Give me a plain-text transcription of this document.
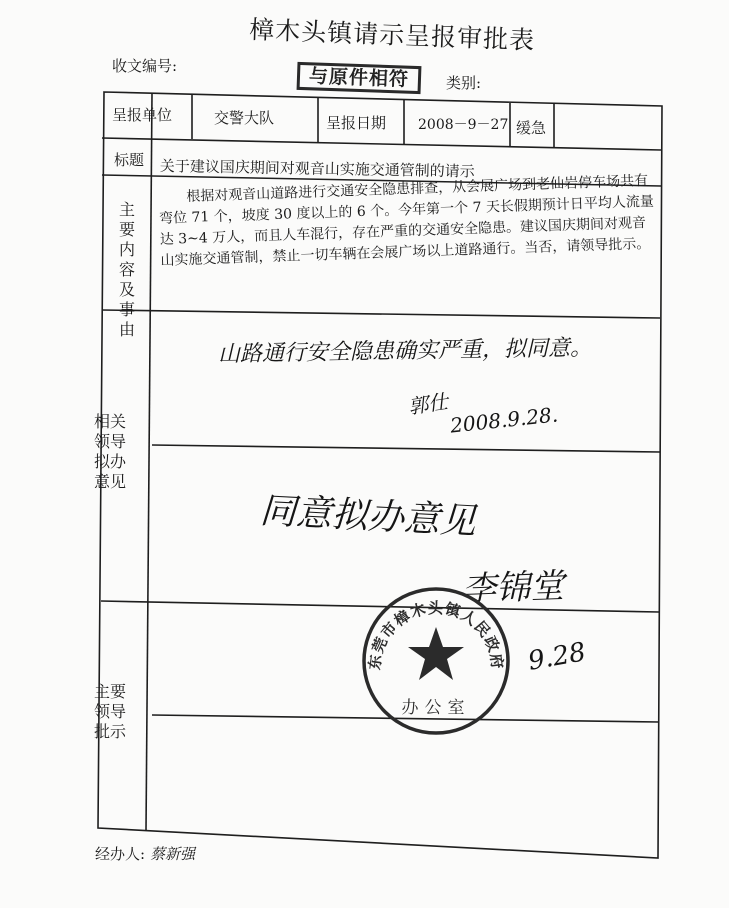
樟木头镇请示呈报审批表
收文编号:	与原件相符	类别:
呈报单位	交警大队	呈报日期 2008－9－27 缓急
标题 关于建议国庆期间对观音山实施交通管制的请示
主要内容及事由
根据对观音山道路进行交通安全隐患排查，从会展广场到老仙岩停车场共有弯位 71 个，坡度 30 度以上的 6 个。今年第一个 7 天长假期预计日平均人流量达 3~4 万人，而且人车混行，存在严重的交通安全隐患。建议国庆期间对观音山实施交通管制，禁止一切车辆在会展广场以上道路通行。当否，请领导批示。
相关领导拟办意见
山路通行安全隐患确实严重，拟同意。
郭仕 2008.9.28.
同意拟办意见
李锦堂
9.28
东莞市樟木头镇人民政府
办公室
主要领导批示
经办人: 蔡新强
